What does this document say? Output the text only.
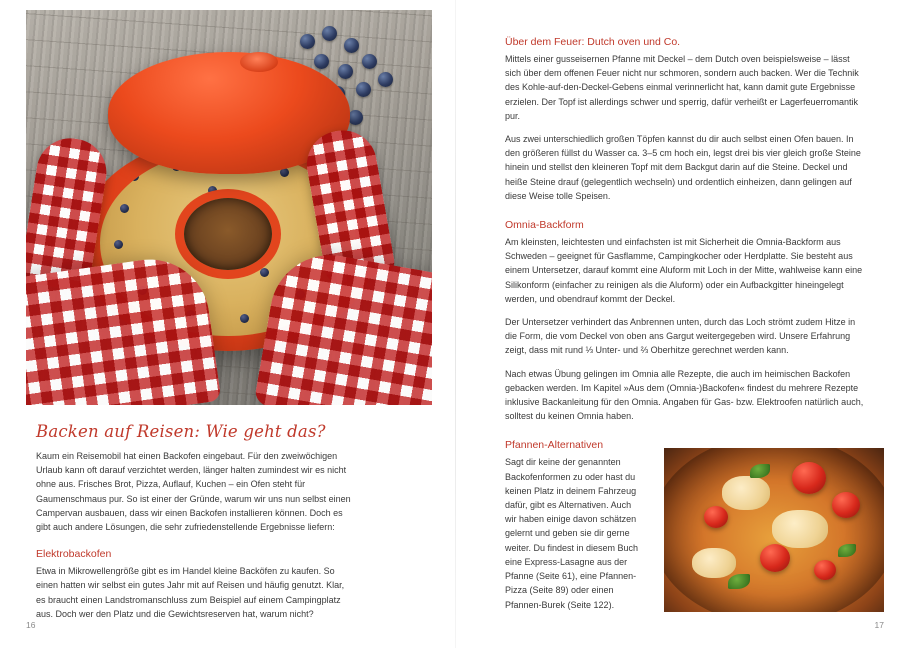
Backen auf Reisen: Wie geht das?

Kaum ein Reisemobil hat einen Backofen eingebaut. Für den zweiwöchigen Urlaub kann oft darauf verzichtet werden, länger halten zumindest wir es nicht ohne aus. Frisches Brot, Pizza, Auflauf, Kuchen – ein Ofen steht für Gaumenschmaus pur. So ist einer der Gründe, warum wir uns nun selbst einen Campervan ausbauen, dass wir einen Backofen installieren können. Doch es gibt auch andere Lösungen, die sehr zufriedenstellende Ergebnisse liefern:

Elektrobackofen

Etwa in Mikrowellengröße gibt es im Handel kleine Backöfen zu kaufen. So einen hatten wir selbst ein gutes Jahr mit auf Reisen und häufig genutzt. Klar, es braucht einen Landstromanschluss zum Beispiel auf einem Campingplatz aus. Doch wer den Platz und die Gewichtsreserven hat, warum nicht?

16
Über dem Feuer: Dutch oven und Co.

Mittels einer gusseisernen Pfanne mit Deckel – dem Dutch oven beispielsweise – lässt sich über dem offenen Feuer nicht nur schmoren, sondern auch backen. Wer die Technik des Kohle-auf-den-Deckel-Gebens einmal verinnerlicht hat, kann damit gute Ergebnisse erzielen. Der Topf ist allerdings schwer und sperrig, dafür verheißt er Lagerfeuerromantik pur.

Aus zwei unterschiedlich großen Töpfen kannst du dir auch selbst einen Ofen bauen. In den größeren füllst du Wasser ca. 3–5 cm hoch ein, legst drei bis vier gleich große Steine hinein und stellst den kleineren Topf mit dem Backgut darin auf die Steine. Deckel und heiße Steine drauf (gelegentlich wechseln) und ordentlich einheizen, dann gelingen auf diese Weise tolle Speisen.

Omnia-Backform

Am kleinsten, leichtesten und einfachsten ist mit Sicherheit die Omnia-Backform aus Schweden – geeignet für Gasflamme, Campingkocher oder Herdplatte. Sie besteht aus einem Untersetzer, darauf kommt eine Aluform mit Loch in der Mitte, wahlweise kann eine Silikonform (einfacher zu reinigen als die Aluform) oder ein Aufbackgitter hineingelegt werden, und obendrauf kommt der Deckel.

Der Untersetzer verhindert das Anbrennen unten, durch das Loch strömt zudem Hitze in die Form, die vom Deckel von oben ans Gargut weitergegeben wird. Unsere Erfahrung zeigt, dass mit rund ⅓ Unter- und ⅔ Oberhitze gerechnet werden kann.

Nach etwas Übung gelingen im Omnia alle Rezepte, die auch im heimischen Backofen gebacken werden. Im Kapitel »Aus dem (Omnia-)Backofen« findest du mehrere Rezepte inklusive Backanleitung für den Omnia. Angaben für Gas- bzw. Elektroofen natürlich auch, solltest du keinen Omnia haben.

Pfannen-Alternativen

Sagt dir keine der genannten Backofenformen zu oder hast du keinen Platz in deinem Fahrzeug dafür, gibt es Alternativen. Auch wir haben einige davon schätzen gelernt und geben sie dir gerne weiter. Du findest in diesem Buch eine Express-Lasagne aus der Pfanne (Seite 61), eine Pfannen-Pizza (Seite 89) oder einen Pfannen-Burek (Seite 122).

17
